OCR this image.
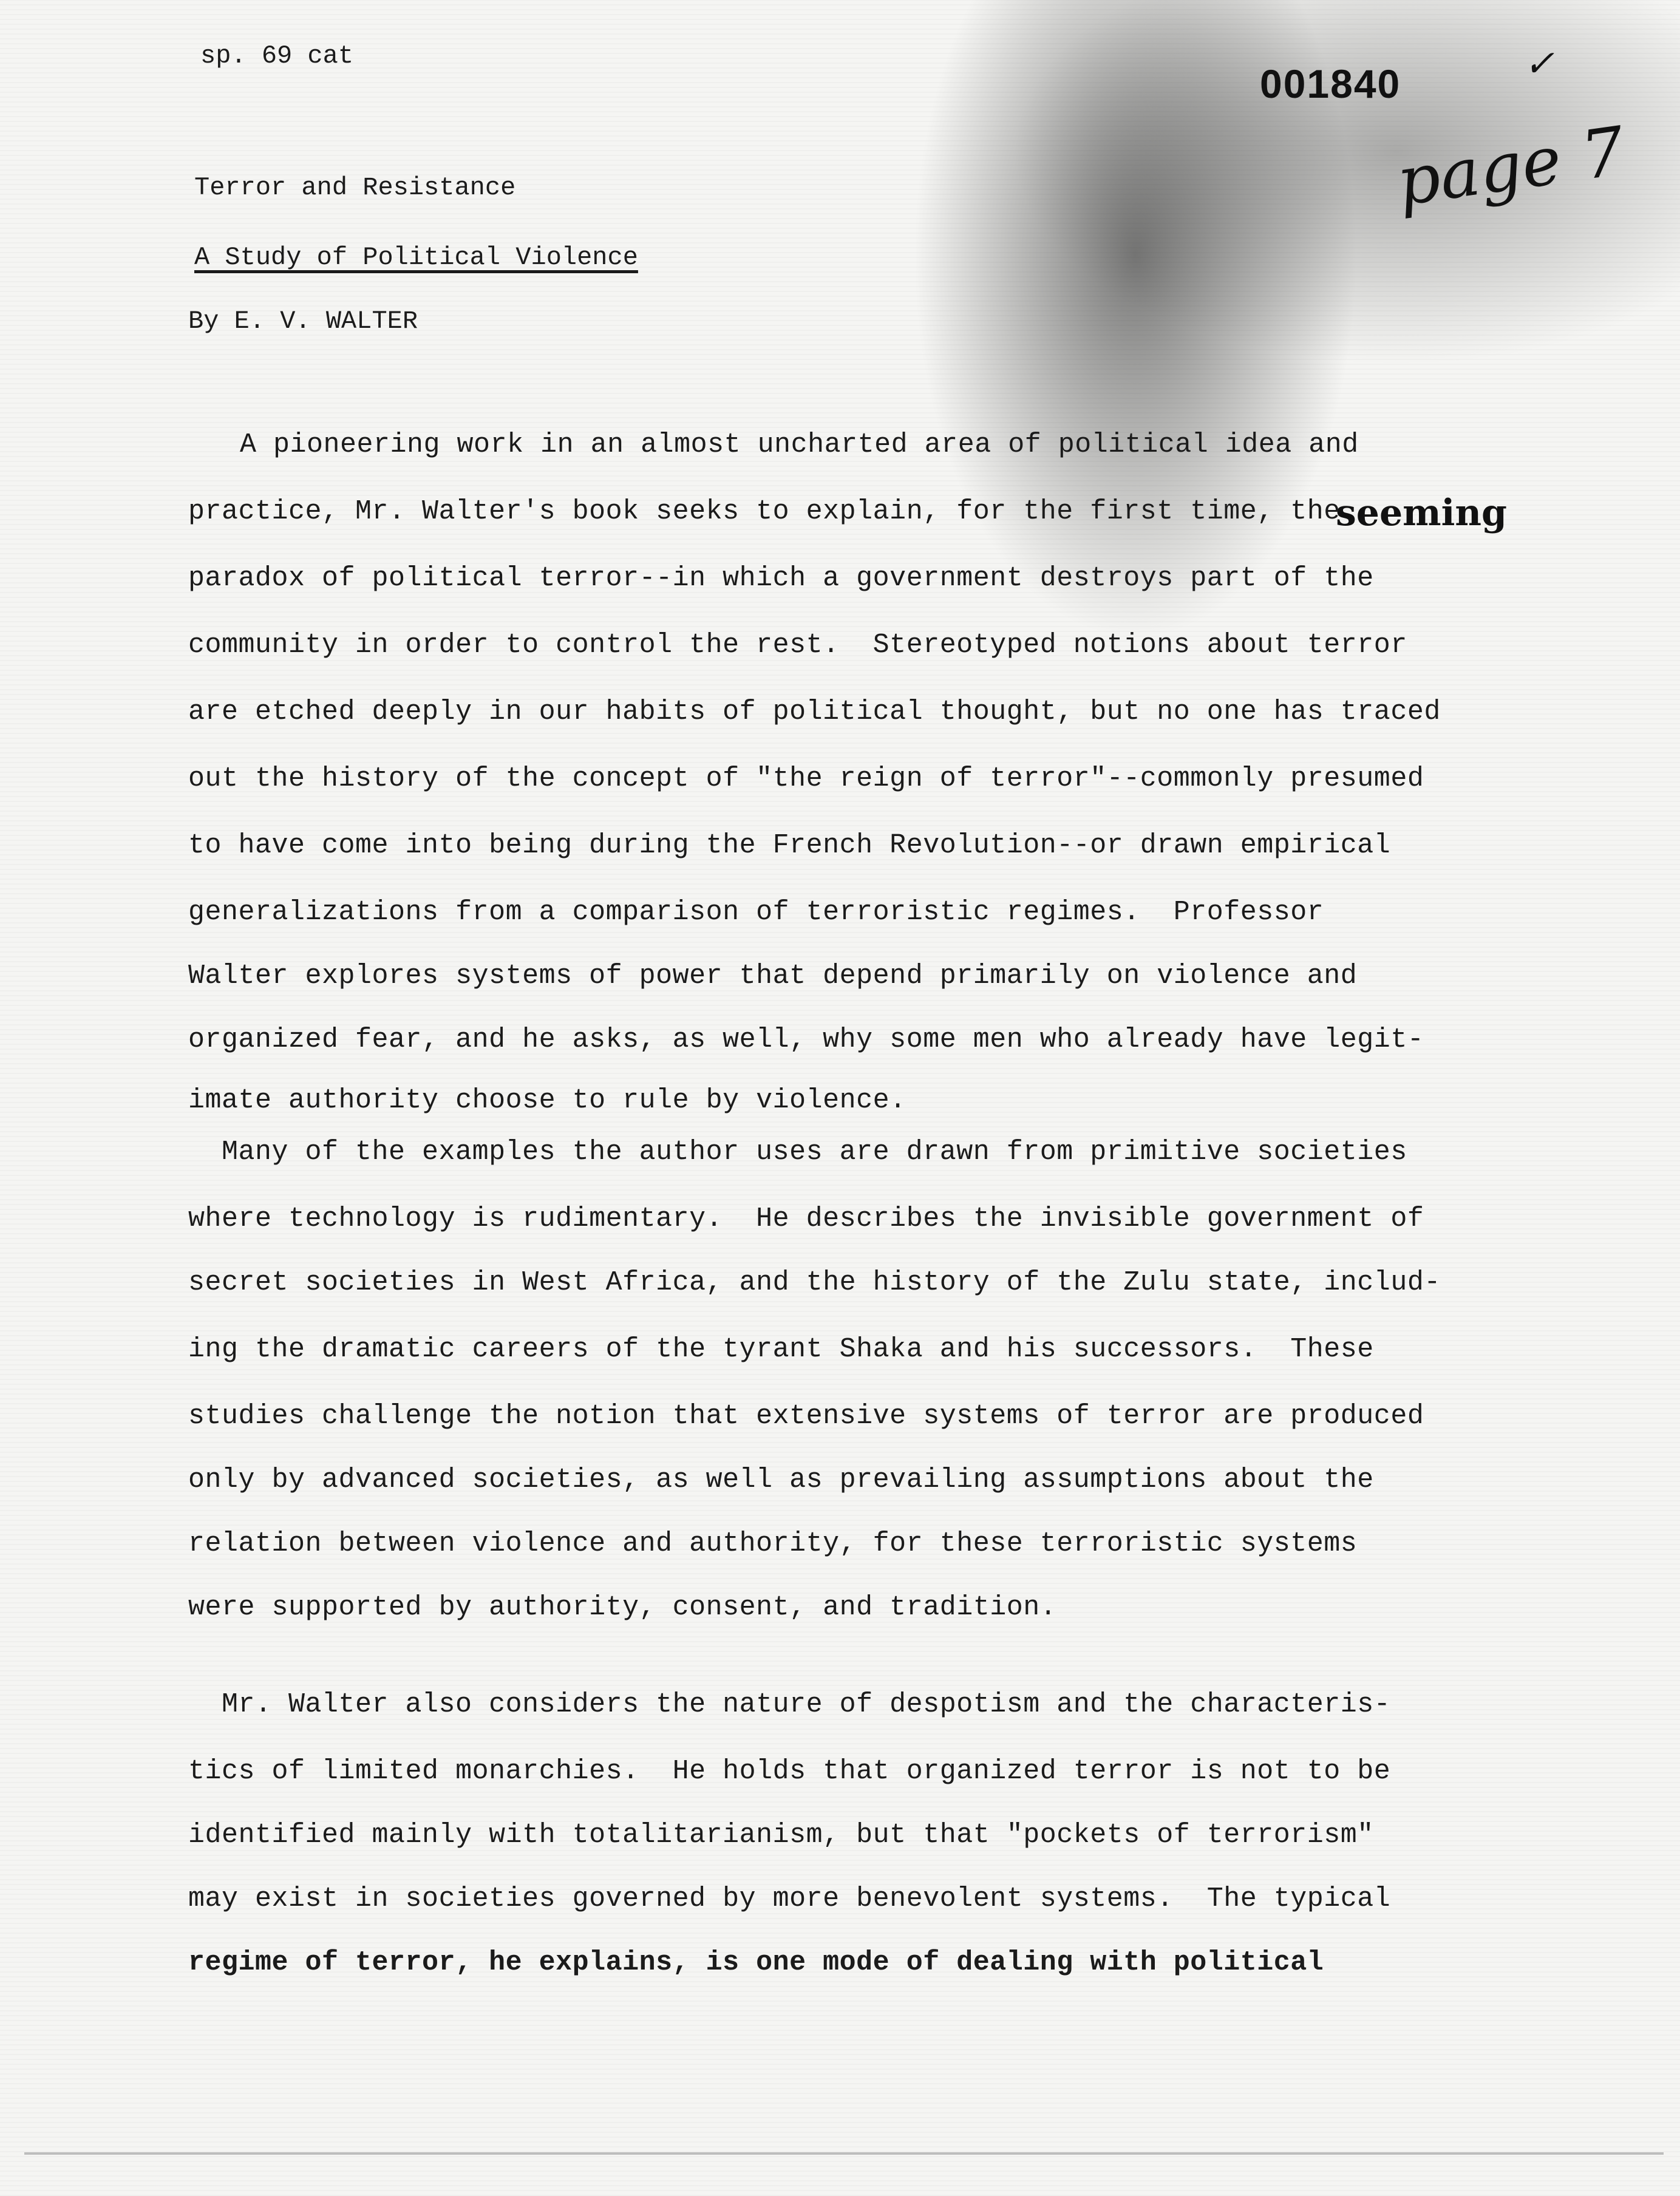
sp. 69 cat
001840	✓
page 7
seeming
Terror and Resistance
A Study of Political Violence
By E. V. WALTER
A pioneering work in an almost uncharted area of political idea and
practice, Mr. Walter's book seeks to explain, for the first time, the
paradox of political terror--in which a government destroys part of the
community in order to control the rest.  Stereotyped notions about terror
are etched deeply in our habits of political thought, but no one has traced
out the history of the concept of "the reign of terror"--commonly presumed
to have come into being during the French Revolution--or drawn empirical
generalizations from a comparison of terroristic regimes.  Professor
Walter explores systems of power that depend primarily on violence and
organized fear, and he asks, as well, why some men who already have legit-
imate authority choose to rule by violence.
Many of the examples the author uses are drawn from primitive societies
where technology is rudimentary.  He describes the invisible government of
secret societies in West Africa, and the history of the Zulu state, includ-
ing the dramatic careers of the tyrant Shaka and his successors.  These
studies challenge the notion that extensive systems of terror are produced
only by advanced societies, as well as prevailing assumptions about the
relation between violence and authority, for these terroristic systems
were supported by authority, consent, and tradition.
Mr. Walter also considers the nature of despotism and the characteris-
tics of limited monarchies.  He holds that organized terror is not to be
identified mainly with totalitarianism, but that "pockets of terrorism"
may exist in societies governed by more benevolent systems.  The typical
regime of terror, he explains, is one mode of dealing with political
